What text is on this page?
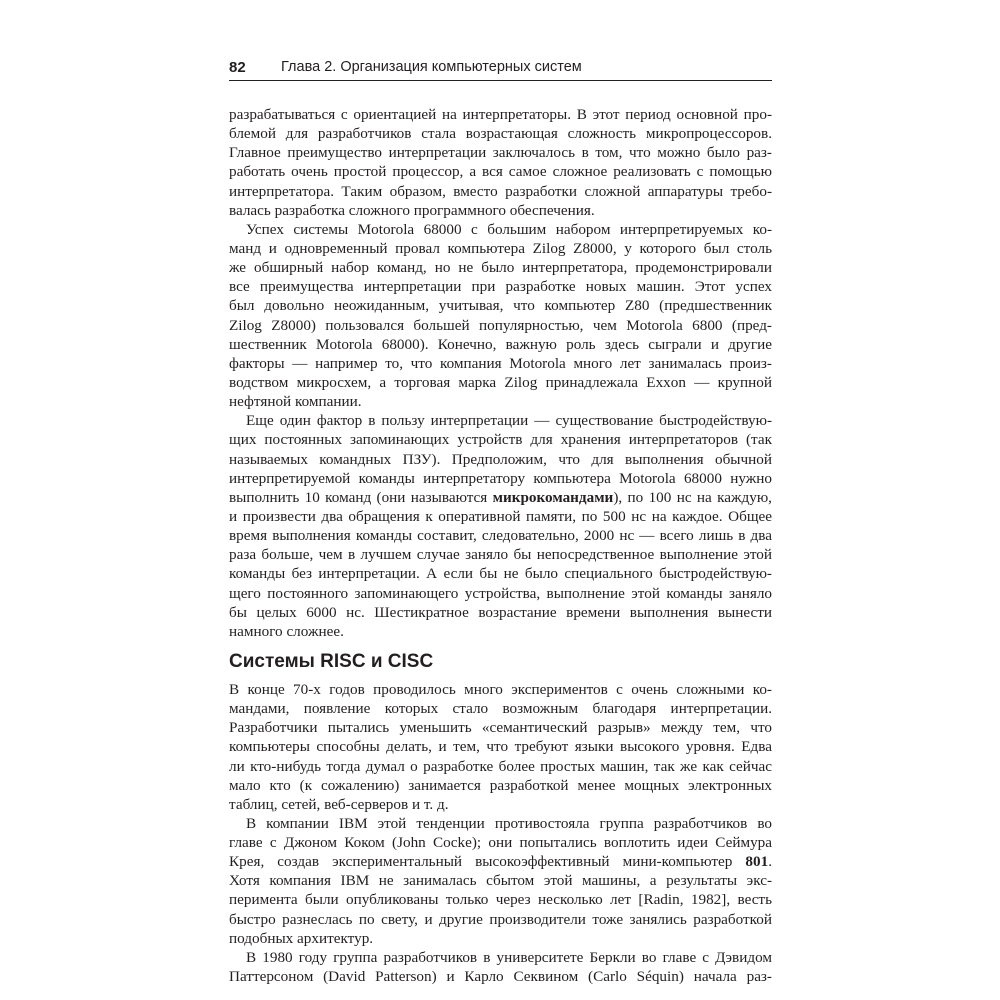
82 Глава 2. Организация компьютерных систем

разрабатываться с ориентацией на интерпретаторы. В этот период основной про-

блемой для разработчиков стала возрастающая сложность микропроцессоров.

Главное преимущество интерпретации заключалось в том, что можно было раз-

работать очень простой процессор, а вся самое сложное реализовать с помощью

интерпретатора. Таким образом, вместо разработки сложной аппаратуры требо-

валась разработка сложного программного обеспечения.

Успех системы Motorola 68000 с большим набором интерпретируемых ко-

манд и одновременный провал компьютера Zilog Z8000, у которого был столь

же обширный набор команд, но не было интерпретатора, продемонстрировали

все преимущества интерпретации при разработке новых машин. Этот успех

был довольно неожиданным, учитывая, что компьютер Z80 (предшественник

Zilog Z8000) пользовался большей популярностью, чем Motorola 6800 (пред-

шественник Motorola 68000). Конечно, важную роль здесь сыграли и другие

факторы — например то, что компания Motorola много лет занималась произ-

водством микросхем, а торговая марка Zilog принадлежала Exxon — крупной

нефтяной компании.

Еще один фактор в пользу интерпретации — существование быстродействую-

щих постоянных запоминающих устройств для хранения интерпретаторов (так

называемых командных ПЗУ). Предположим, что для выполнения обычной

интерпретируемой команды интерпретатору компьютера Motorola 68000 нужно

выполнить 10 команд (они называются микрокомандами), по 100 нс на каждую,

и произвести два обращения к оперативной памяти, по 500 нс на каждое. Общее

время выполнения команды составит, следовательно, 2000 нс — всего лишь в два

раза больше, чем в лучшем случае заняло бы непосредственное выполнение этой

команды без интерпретации. А если бы не было специального быстродействую-

щего постоянного запоминающего устройства, выполнение этой команды заняло

бы целых 6000 нс. Шестикратное возрастание времени выполнения вынести

намного сложнее.

Системы RISC и CISC

В конце 70-х годов проводилось много экспериментов с очень сложными ко-

мандами, появление которых стало возможным благодаря интерпретации.

Разработчики пытались уменьшить «семантический разрыв» между тем, что

компьютеры способны делать, и тем, что требуют языки высокого уровня. Едва

ли кто-нибудь тогда думал о разработке более простых машин, так же как сейчас

мало кто (к сожалению) занимается разработкой менее мощных электронных

таблиц, сетей, веб-серверов и т. д.

В компании IBM этой тенденции противостояла группа разработчиков во

главе с Джоном Коком (John Cocke); они попытались воплотить идеи Сеймура

Крея, создав экспериментальный высокоэффективный мини-компьютер 801.

Хотя компания IBM не занималась сбытом этой машины, а результаты экс-

перимента были опубликованы только через несколько лет [Radin, 1982], весть

быстро разнеслась по свету, и другие производители тоже занялись разработкой

подобных архитектур.

В 1980 году группа разработчиков в университете Беркли во главе с Дэвидом

Паттерсоном (David Patterson) и Карло Секвином (Carlo Séquin) начала раз-
